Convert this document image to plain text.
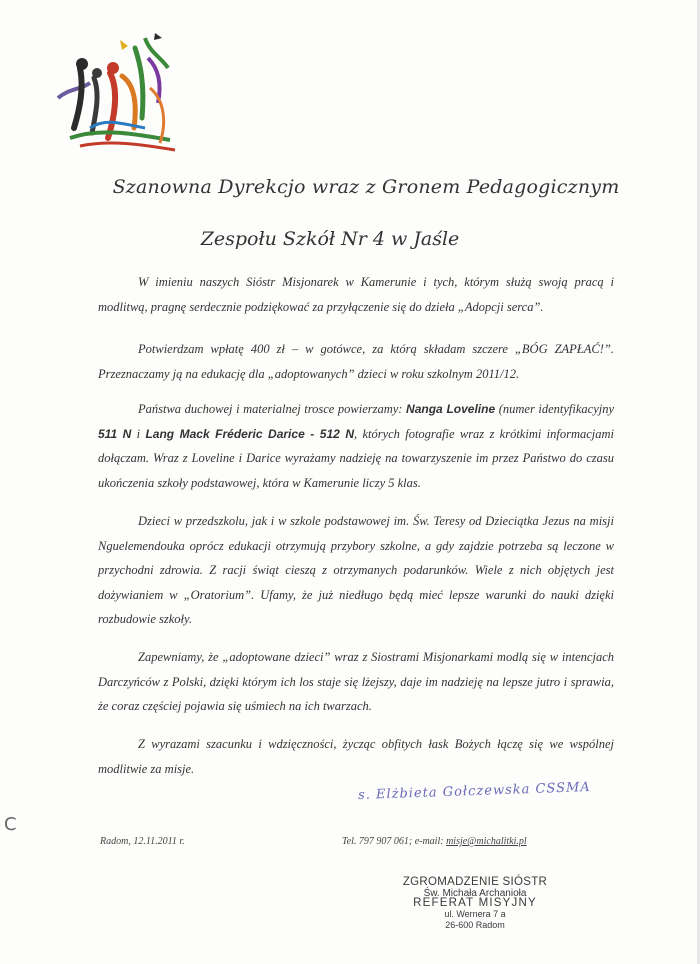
Szanowna Dyrekcjo wraz z Gronem Pedagogicznym
Zespołu Szkół Nr 4 w Jaśle
W imieniu naszych Sióstr Misjonarek w Kamerunie i tych, którym służą swoją pracą i modlitwą, pragnę serdecznie podziękować za przyłączenie się do dzieła „Adopcji serca”.
Potwierdzam wpłatę 400 zł – w gotówce, za którą składam szczere „BÓG ZAPŁAĆ!”. Przeznaczamy ją na edukację dla „adoptowanych” dzieci w roku szkolnym 2011/12.
Państwa duchowej i materialnej trosce powierzamy: Nanga Loveline (numer identyfikacyjny 511 N i Lang Mack Fréderic Darice - 512 N, których fotografie wraz z krótkimi informacjami dołączam. Wraz z Loveline i Darice wyrażamy nadzieję na towarzyszenie im przez Państwo do czasu ukończenia szkoły podstawowej, która w Kamerunie liczy 5 klas.
Dzieci w przedszkolu, jak i w szkole podstawowej im. Św. Teresy od Dzieciątka Jezus na misji Nguelemendouka oprócz edukacji otrzymują przybory szkolne, a gdy zajdzie potrzeba są leczone w przychodni zdrowia. Z racji świąt cieszą z otrzymanych podarunków. Wiele z nich objętych jest dożywianiem w „Oratorium”. Ufamy, że już niedługo będą mieć lepsze warunki do nauki dzięki rozbudowie szkoły.
Zapewniamy, że „adoptowane dzieci” wraz z Siostrami Misjonarkami modlą się w intencjach Darczyńców z Polski, dzięki którym ich los staje się lżejszy, daje im nadzieję na lepsze jutro i sprawia, że coraz częściej pojawia się uśmiech na ich twarzach.
Z wyrazami szacunku i wdzięczności, życząc obfitych łask Bożych łączę się we wspólnej modlitwie za misje.
s. Elżbieta Gołczewska CSSMA
C
Radom, 12.11.2011 r.	Tel. 797 907 061; e-mail: misje@michalitki.pl
ZGROMADZENIE SIÓSTR
Św. Michała Archanioła
REFERAT MISYJNY
ul. Wernera 7 a
26-600 Radom
